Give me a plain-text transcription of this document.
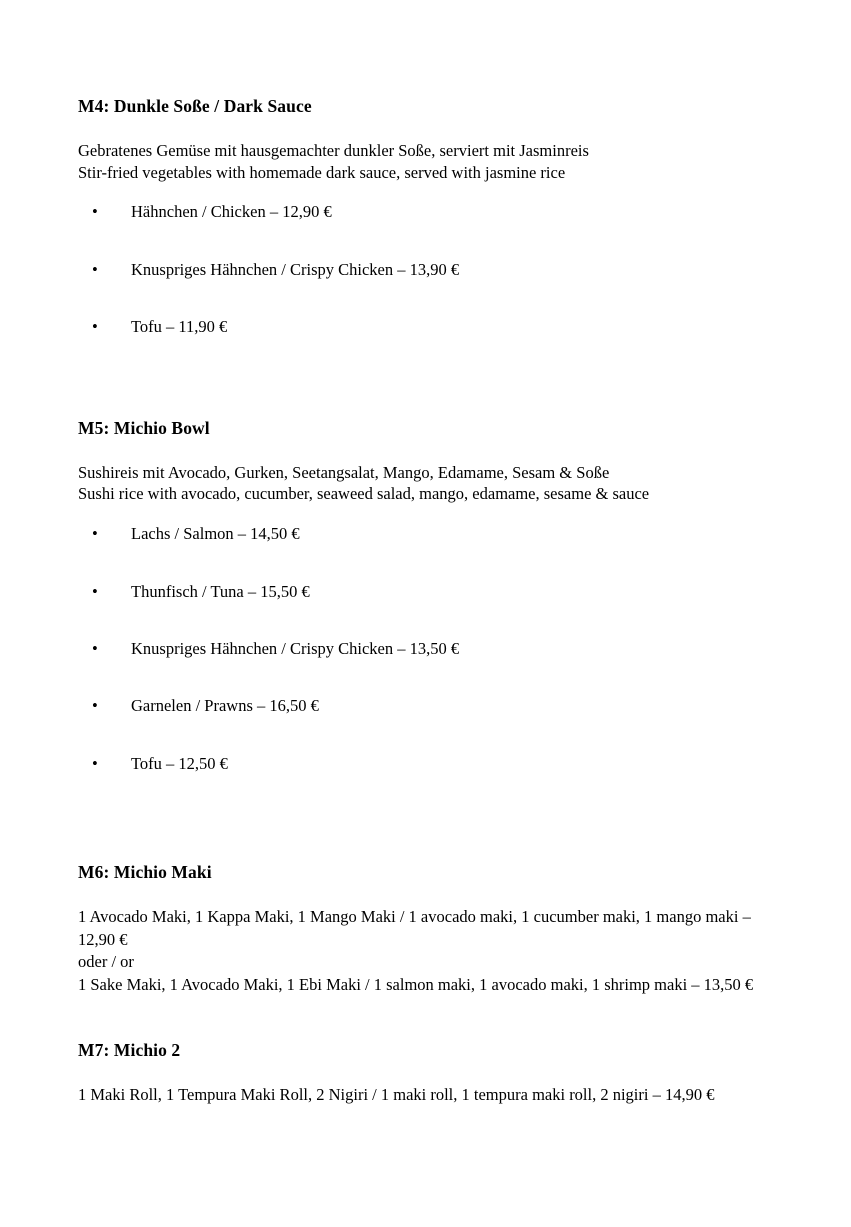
M4: Dunkle Soße / Dark Sauce
Gebratenes Gemüse mit hausgemachter dunkler Soße, serviert mit Jasminreis
Stir-fried vegetables with homemade dark sauce, served with jasmine rice
• Hähnchen / Chicken – 12,90 €
• Knuspriges Hähnchen / Crispy Chicken – 13,90 €
• Tofu – 11,90 €
M5: Michio Bowl
Sushireis mit Avocado, Gurken, Seetangsalat, Mango, Edamame, Sesam & Soße
Sushi rice with avocado, cucumber, seaweed salad, mango, edamame, sesame & sauce
• Lachs / Salmon – 14,50 €
• Thunfisch / Tuna – 15,50 €
• Knuspriges Hähnchen / Crispy Chicken – 13,50 €
• Garnelen / Prawns – 16,50 €
• Tofu – 12,50 €
M6: Michio Maki

1 Avocado Maki, 1 Kappa Maki, 1 Mango Maki / 1 avocado maki, 1 cucumber maki, 1 mango maki – 12,90 €
oder / or
1 Sake Maki, 1 Avocado Maki, 1 Ebi Maki / 1 salmon maki, 1 avocado maki, 1 shrimp maki – 13,50 €

M7: Michio 2

1 Maki Roll, 1 Tempura Maki Roll, 2 Nigiri / 1 maki roll, 1 tempura maki roll, 2 nigiri – 14,90 €
